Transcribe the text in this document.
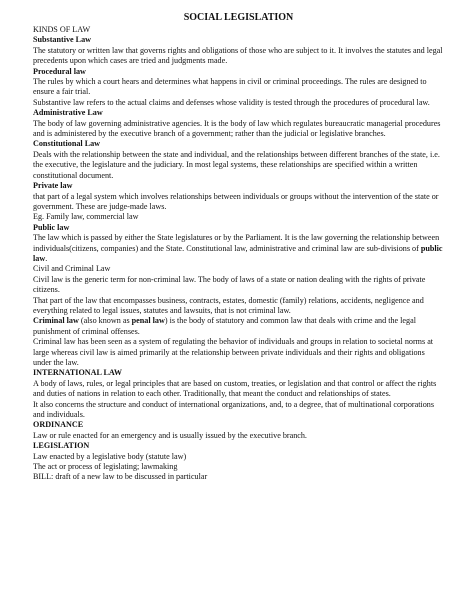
SOCIAL LEGISLATION

KINDS OF LAW

Substantive Law

The statutory or written law that governs rights and obligations of those who are subject to it. It involves the statutes and legal precedents upon which cases are tried and judgments made.

Procedural law

The rules by which a court hears and determines what happens in civil or criminal proceedings. The rules are designed to ensure a fair trial.

Substantive law refers to the actual claims and defenses whose validity is tested through the procedures of procedural law.

Administrative Law

The body of law governing administrative agencies. It is the body of law which regulates bureaucratic managerial procedures and is administered by the executive branch of a government; rather than the judicial or legislative branches.

Constitutional Law

Deals with the relationship between the state and individual, and the relationships between different branches of the state, i.e. the executive, the legislature and the judiciary. In most legal systems, these relationships are specified within a written constitutional document.

Private law

that part of a legal system which involves relationships between individuals or groups without the intervention of the state or government. These are judge-made laws.

Eg. Family law, commercial law

Public law

The law which is passed by either the State legislatures or by the Parliament. It is the law governing the relationship between individuals(citizens, companies) and the State. Constitutional law, administrative and criminal law are sub-divisions of public law.

Civil and Criminal Law

Civil law is the generic term for non-criminal law. The body of laws of a state or nation dealing with the rights of private citizens.

That part of the law that encompasses business, contracts, estates, domestic (family) relations, accidents, negligence and everything related to legal issues, statutes and lawsuits, that is not criminal law.

Criminal law (also known as penal law) is the body of statutory and common law that deals with crime and the legal punishment of criminal offenses.

Criminal law has been seen as a system of regulating the behavior of individuals and groups in relation to societal norms at large whereas civil law is aimed primarily at the relationship between private individuals and their rights and obligations under the law.

INTERNATIONAL LAW

A body of laws, rules, or legal principles that are based on custom, treaties, or legislation and that control or affect the rights and duties of nations in relation to each other. Traditionally, that meant the conduct and relationships of states.

It also concerns the structure and conduct of international organizations, and, to a degree, that of multinational corporations and individuals.

ORDINANCE

Law or rule enacted for an emergency and is usually issued by the executive branch.

LEGISLATION

Law enacted by a legislative body (statute law)

The act or process of legislating; lawmaking

BILL: draft of a new law to be discussed in particular
